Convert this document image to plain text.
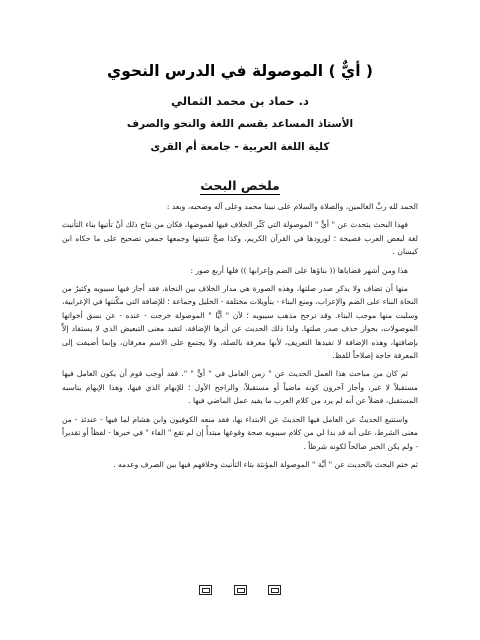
( أيٌّ ) الموصولة في الدرس النحوي
د. حماد بن محمد الثمالي
الأستاذ المساعد بقسم اللغة والنحو والصرف
كلية اللغة العربية - جامعة أم القرى
ملخص البحث

الحمد لله ربِّ العالمين، والصلاة والسلام على نبينا محمد وعلى آله وصحبه، وبعد :

فهذا البحث يتحدث عن " أيٍّ " الموصولة التي كَثُر الخلاف فيها لغموضها، فكان من نتاج ذلك أنْ تأتيها بناء التأنيث لغة لبعض العرب فصيحة ؛ لورودها في القرآن الكريم، وكذا صحَّ تثنيتها وجمعها جمعي تصحيح على ما حكاه ابن كيسان .

هذا ومن أشهر قضاياها (( بناؤها على الضم وإعرابها )) فلها أربع صور :

منها أن تضاف ولا يذكر صدر صلتها، وهذه الصورة هي مدار الخلاف بين النحاة، فقد أجاز فيها سيبويه وكثيرٌ من النحاة البناء على الضم والإعراب، ومنع البناء - بتأويلات مختلفة - الخليل وجماعة ؛ للإضافة التي مكّنتها في الإعرابية، وسلبت منها موجب البناء. وقد ترجح مذهب سيبويه ؛ لأن " أيًّا " الموصولة خرجت - عنده - عن نسق أخواتها الموصولات، بجواز حذف صدر صلتها. ولذا ذلك الحديث عن أثرها الإضافة، لتفيد معنى التبعيض الذي لا يستفاد إلاَّ بإضافتها، وهذه الإضافة لا تفيدها التعريف، لأنها معرفة بالصلة، ولا يجتمع على الاسم معرفان، وإنما أضيفت إلى المعرفة حاجة إصلاحاً للفظ.

ثم كان من مباحث هذا العمل الحديث عن " زمن العامل في " أيٍّ " ". فقد أوجب قوم أن يكون العامل فيها مستقبلاً لا غير، وأجاز آخرون كونه ماضياً أو مستقبلاً، والراجح الأول ؛ للإبهام الذي فيها، وهذا الإبهام يناسبه المستقبل، فضلاً عن أنه لم يرد من كلام العرب ما يفيد عمل الماضي فيها .

واستتبع الحديثُ عن العامل فيها الحديثَ عن الابتداء بها، فقد منعه الكوفيون وابن هشام لما فيها - عندئذ - من معنى الشرط، على أنه قد بدا لي من كلام سيبويه صحة وقوعها مبتدأً إن لم تقع " الفاء " في خبرها - لفظاً أو تقديراً - ولم يكن الخبر صالحاً لكونه شرطاً .

ثم ختم البحث بالحديث عن " أيَّة " الموصولة المؤنثة بتاء التأنيث وخلافهم فيها بين الصرف وعدمه .
